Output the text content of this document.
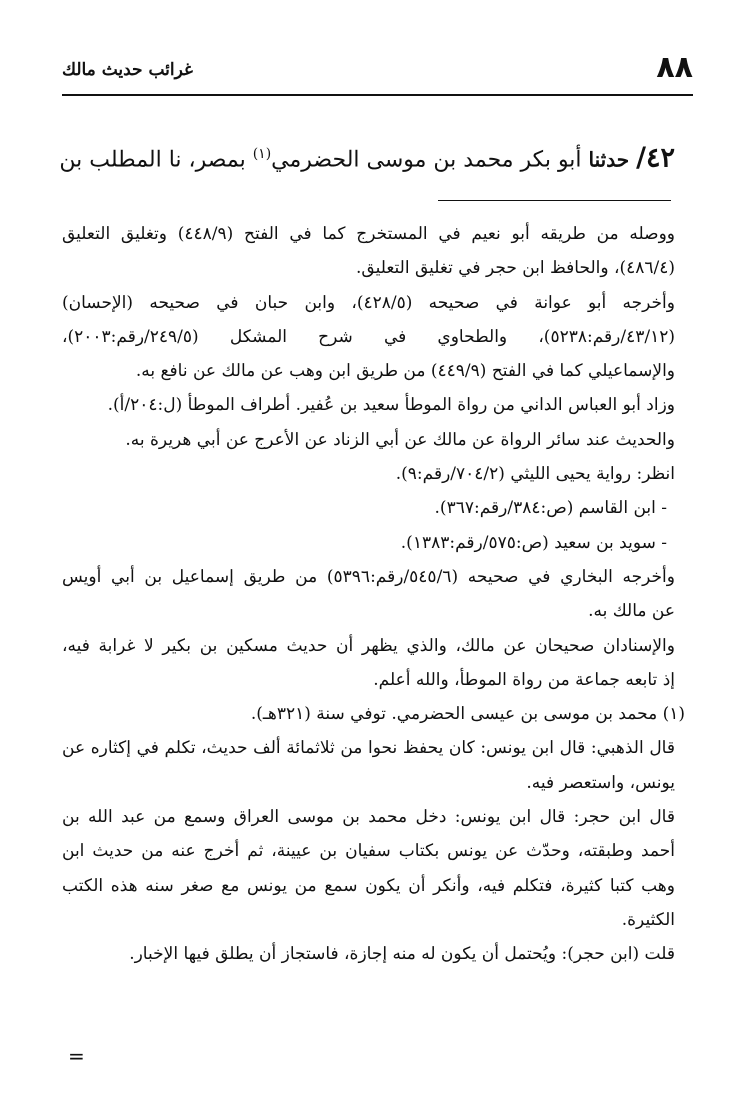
٨٨
غرائب حديث مالك
٤٢/ حدثنا أبو بكر محمد بن موسى الحضرمي$^{(١)}$ بمصر، نا المطلب بن
ووصله من طريقه أبو نعيم في المستخرج كما في الفتح (٤٤٨/٩) وتغليق التعليق
(٤٨٦/٤)، والحافظ ابن حجر في تغليق التعليق.
وأخرجه أبو عوانة في صحيحه (٤٢٨/٥)، وابن حبان في صحيحه (الإحسان)
(٤٣/١٢/رقم:٥٢٣٨)، والطحاوي في شرح المشكل (٢٤٩/٥/رقم:٢٠٠٣)،
والإسماعيلي كما في الفتح (٤٤٩/٩) من طريق ابن وهب عن مالك عن نافع به.
وزاد أبو العباس الداني من رواة الموطأ سعيد بن عُفير. أطراف الموطأ (ل:٢٠٤/أ).
والحديث عند سائر الرواة عن مالك عن أبي الزناد عن الأعرج عن أبي هريرة به.
انظر: رواية يحيى الليثي (٧٠٤/٢/رقم:٩).
- ابن القاسم (ص:٣٨٤/رقم:٣٦٧).
- سويد بن سعيد (ص:٥٧٥/رقم:١٣٨٣).
وأخرجه البخاري في صحيحه (٥٤٥/٦/رقم:٥٣٩٦) من طريق إسماعيل بن أبي أويس
عن مالك به.
والإسنادان صحيحان عن مالك، والذي يظهر أن حديث مسكين بن بكير لا غرابة فيه،
إذ تابعه جماعة من رواة الموطأ، والله أعلم.
(١) محمد بن موسى بن عيسى الحضرمي. توفي سنة (٣٢١هـ).
قال الذهبي: قال ابن يونس: كان يحفظ نحوا من ثلاثمائة ألف حديث، تكلم في إكثاره عن
يونس، واستعصر فيه.
قال ابن حجر: قال ابن يونس: دخل محمد بن موسى العراق وسمع من عبد الله بن
أحمد وطبقته، وحدّث عن يونس بكتاب سفيان بن عيينة، ثم أخرج عنه من حديث ابن
وهب كتبا كثيرة، فتكلم فيه، وأنكر أن يكون سمع من يونس مع صغر سنه هذه الكتب
الكثيرة.
قلت (ابن حجر): ويُحتمل أن يكون له منه إجازة، فاستجاز أن يطلق فيها الإخبار.
=
